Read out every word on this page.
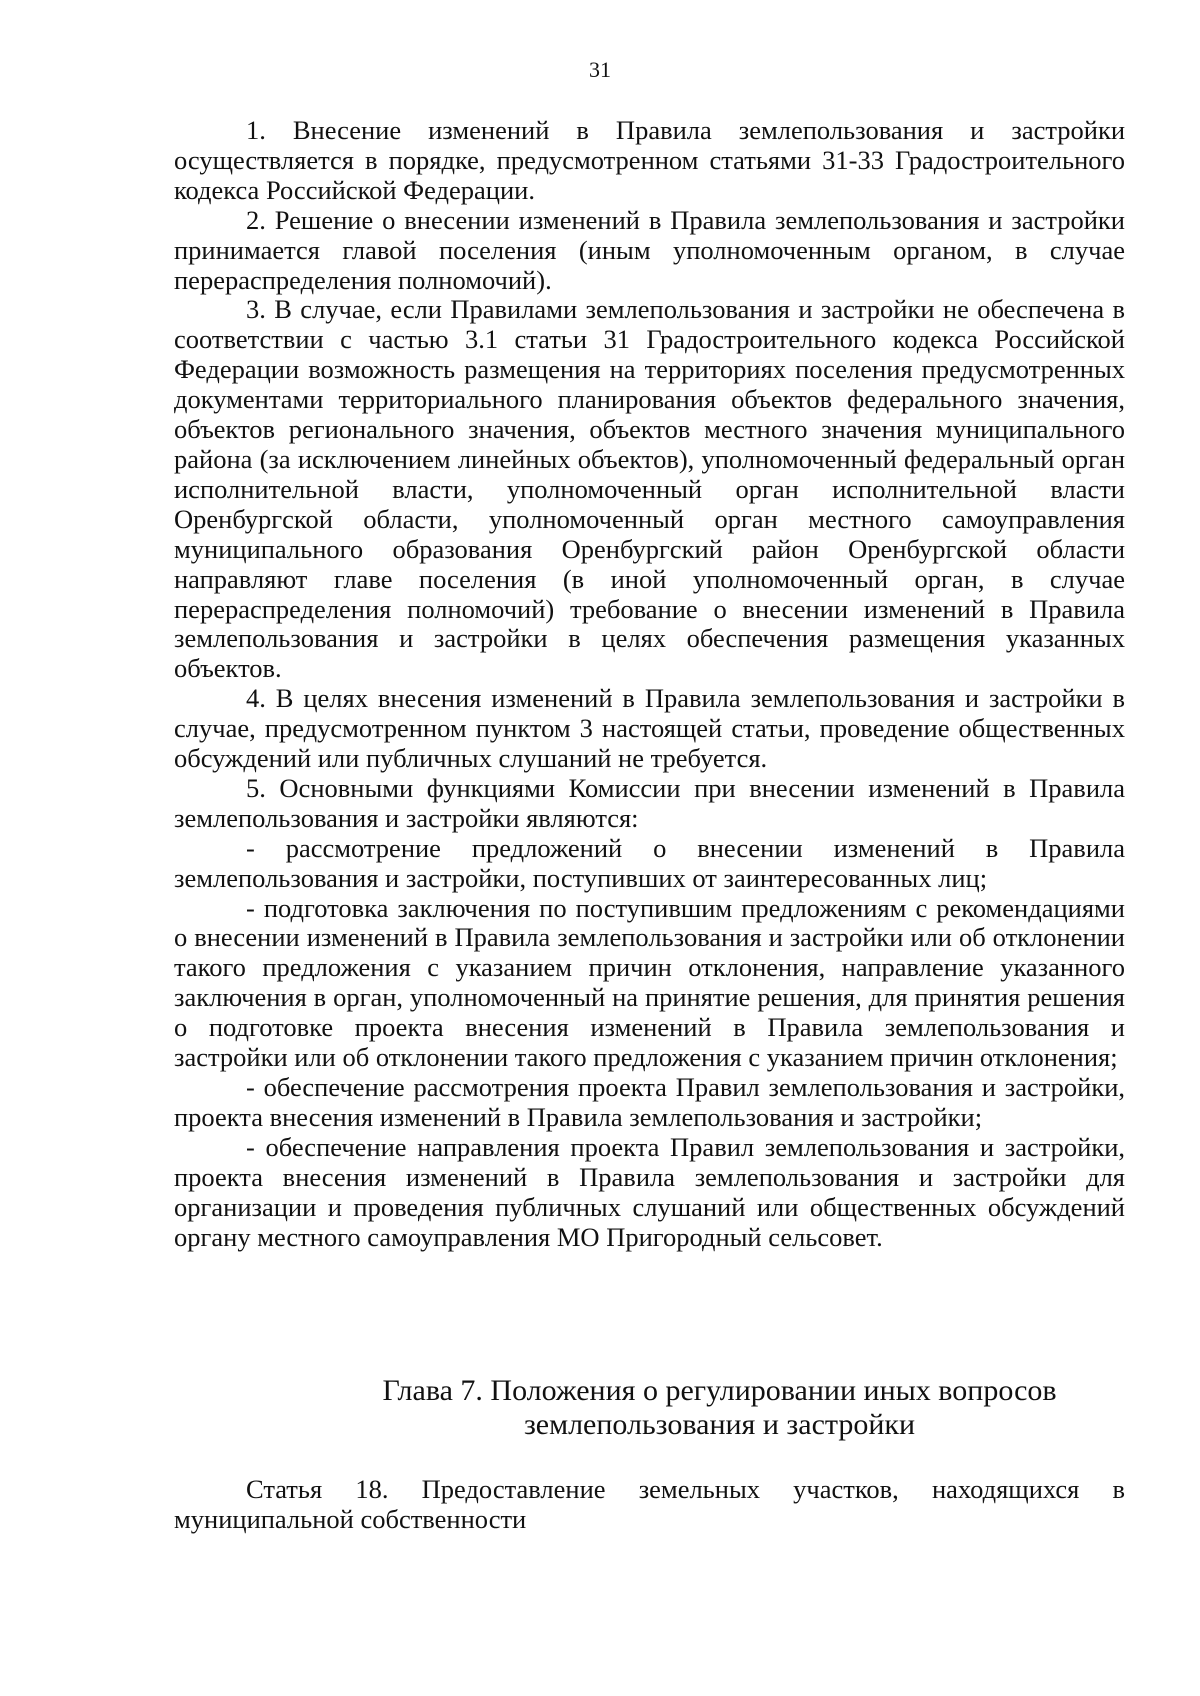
31

1. Внесение изменений в Правила землепользования и застройки осуществляется в порядке, предусмотренном статьями 31-33 Градостроительного кодекса Российской Федерации.

2. Решение о внесении изменений в Правила землепользования и застройки принимается главой поселения (иным уполномоченным органом, в случае перераспределения полномочий).

3. В случае, если Правилами землепользования и застройки не обеспечена в соответствии с частью 3.1 статьи 31 Градостроительного кодекса Российской Федерации возможность размещения на территориях поселения предусмотренных документами территориального планирования объектов федерального значения, объектов регионального значения, объектов местного значения муниципального района (за исключением линейных объектов), уполномоченный федеральный орган исполнительной власти, уполномоченный орган исполнительной власти Оренбургской области, уполномоченный орган местного самоуправления муниципального образования Оренбургский район Оренбургской области направляют главе поселения (в иной уполномоченный орган, в случае перераспределения полномочий) требование о внесении изменений в Правила землепользования и застройки в целях обеспечения размещения указанных объектов.

4. В целях внесения изменений в Правила землепользования и застройки в случае, предусмотренном пунктом 3 настоящей статьи, проведение общественных обсуждений или публичных слушаний не требуется.

5. Основными функциями Комиссии при внесении изменений в Правила землепользования и застройки являются:

- рассмотрение предложений о внесении изменений в Правила землепользования и застройки, поступивших от заинтересованных лиц;

- подготовка заключения по поступившим предложениям с рекомендациями о внесении изменений в Правила землепользования и застройки или об отклонении такого предложения с указанием причин отклонения, направление указанного заключения в орган, уполномоченный на принятие решения, для принятия решения о подготовке проекта внесения изменений в Правила землепользования и застройки или об отклонении такого предложения с указанием причин отклонения;

- обеспечение рассмотрения проекта Правил землепользования и застройки, проекта внесения изменений в Правила землепользования и застройки;

- обеспечение направления проекта Правил землепользования и застройки, проекта внесения изменений в Правила землепользования и застройки для организации и проведения публичных слушаний или общественных обсуждений органу местного самоуправления МО Пригородный сельсовет.

Глава 7. Положения о регулировании иных вопросов

землепользования и застройки

Статья 18. Предоставление земельных участков, находящихся в муниципальной собственности
